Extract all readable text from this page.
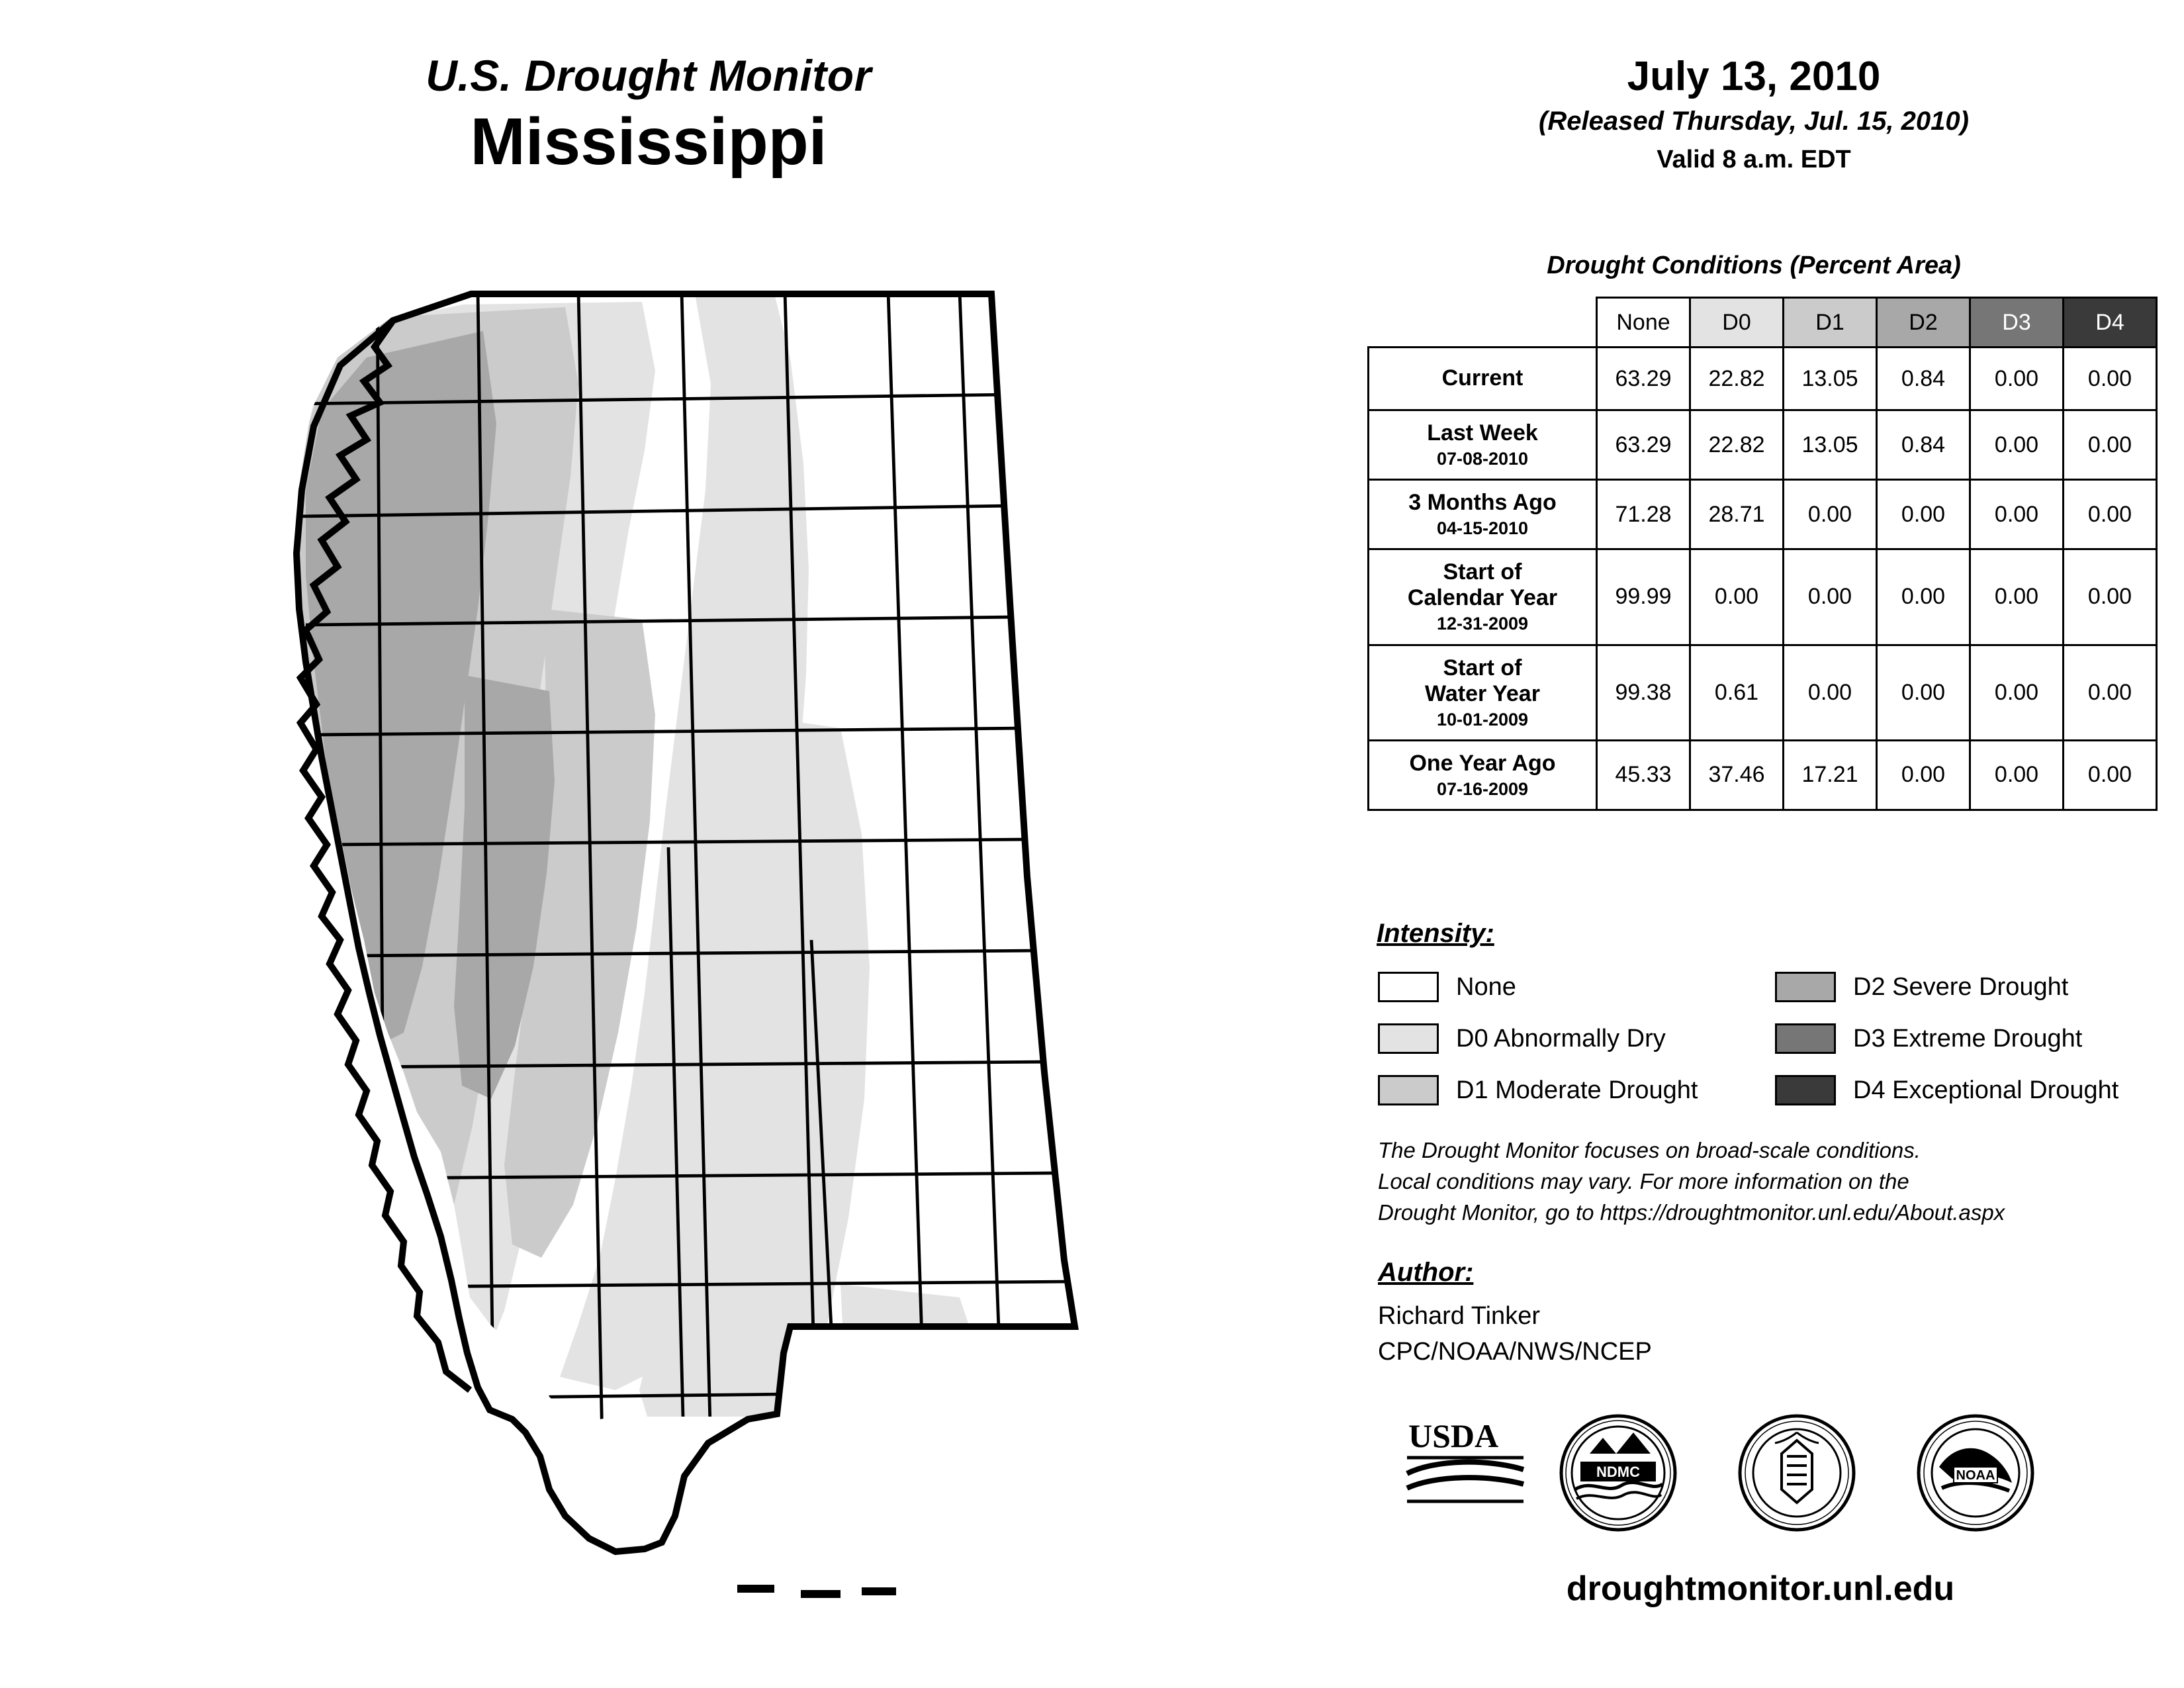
U.S. Drought Monitor
Mississippi
July 13, 2010
(Released Thursday, Jul. 15, 2010)
Valid 8 a.m. EDT
Drought Conditions (Percent Area)
	None	D0	D1	D2	D3	D4

Current	63.29	22.82	13.05	0.84	0.00	0.00

Last Week
07-08-2010	63.29	22.82	13.05	0.84	0.00	0.00

3 Months Ago
04-15-2010	71.28	28.71	0.00	0.00	0.00	0.00

Start of
Calendar Year
12-31-2009	99.99	0.00	0.00	0.00	0.00	0.00

Start of
Water Year
10-01-2009	99.38	0.61	0.00	0.00	0.00	0.00

One Year Ago
07-16-2009	45.33	37.46	17.21	0.00	0.00	0.00
Intensity:
None
D0 Abnormally Dry
D1 Moderate Drought
D2 Severe Drought
D3 Extreme Drought
D4 Exceptional Drought
The Drought Monitor focuses on broad-scale conditions.
Local conditions may vary. For more information on the
Drought Monitor, go to https://droughtmonitor.unl.edu/About.aspx
Author:
Richard Tinker
CPC/NOAA/NWS/NCEP
USDA
NDMC	NOAA
droughtmonitor.unl.edu
